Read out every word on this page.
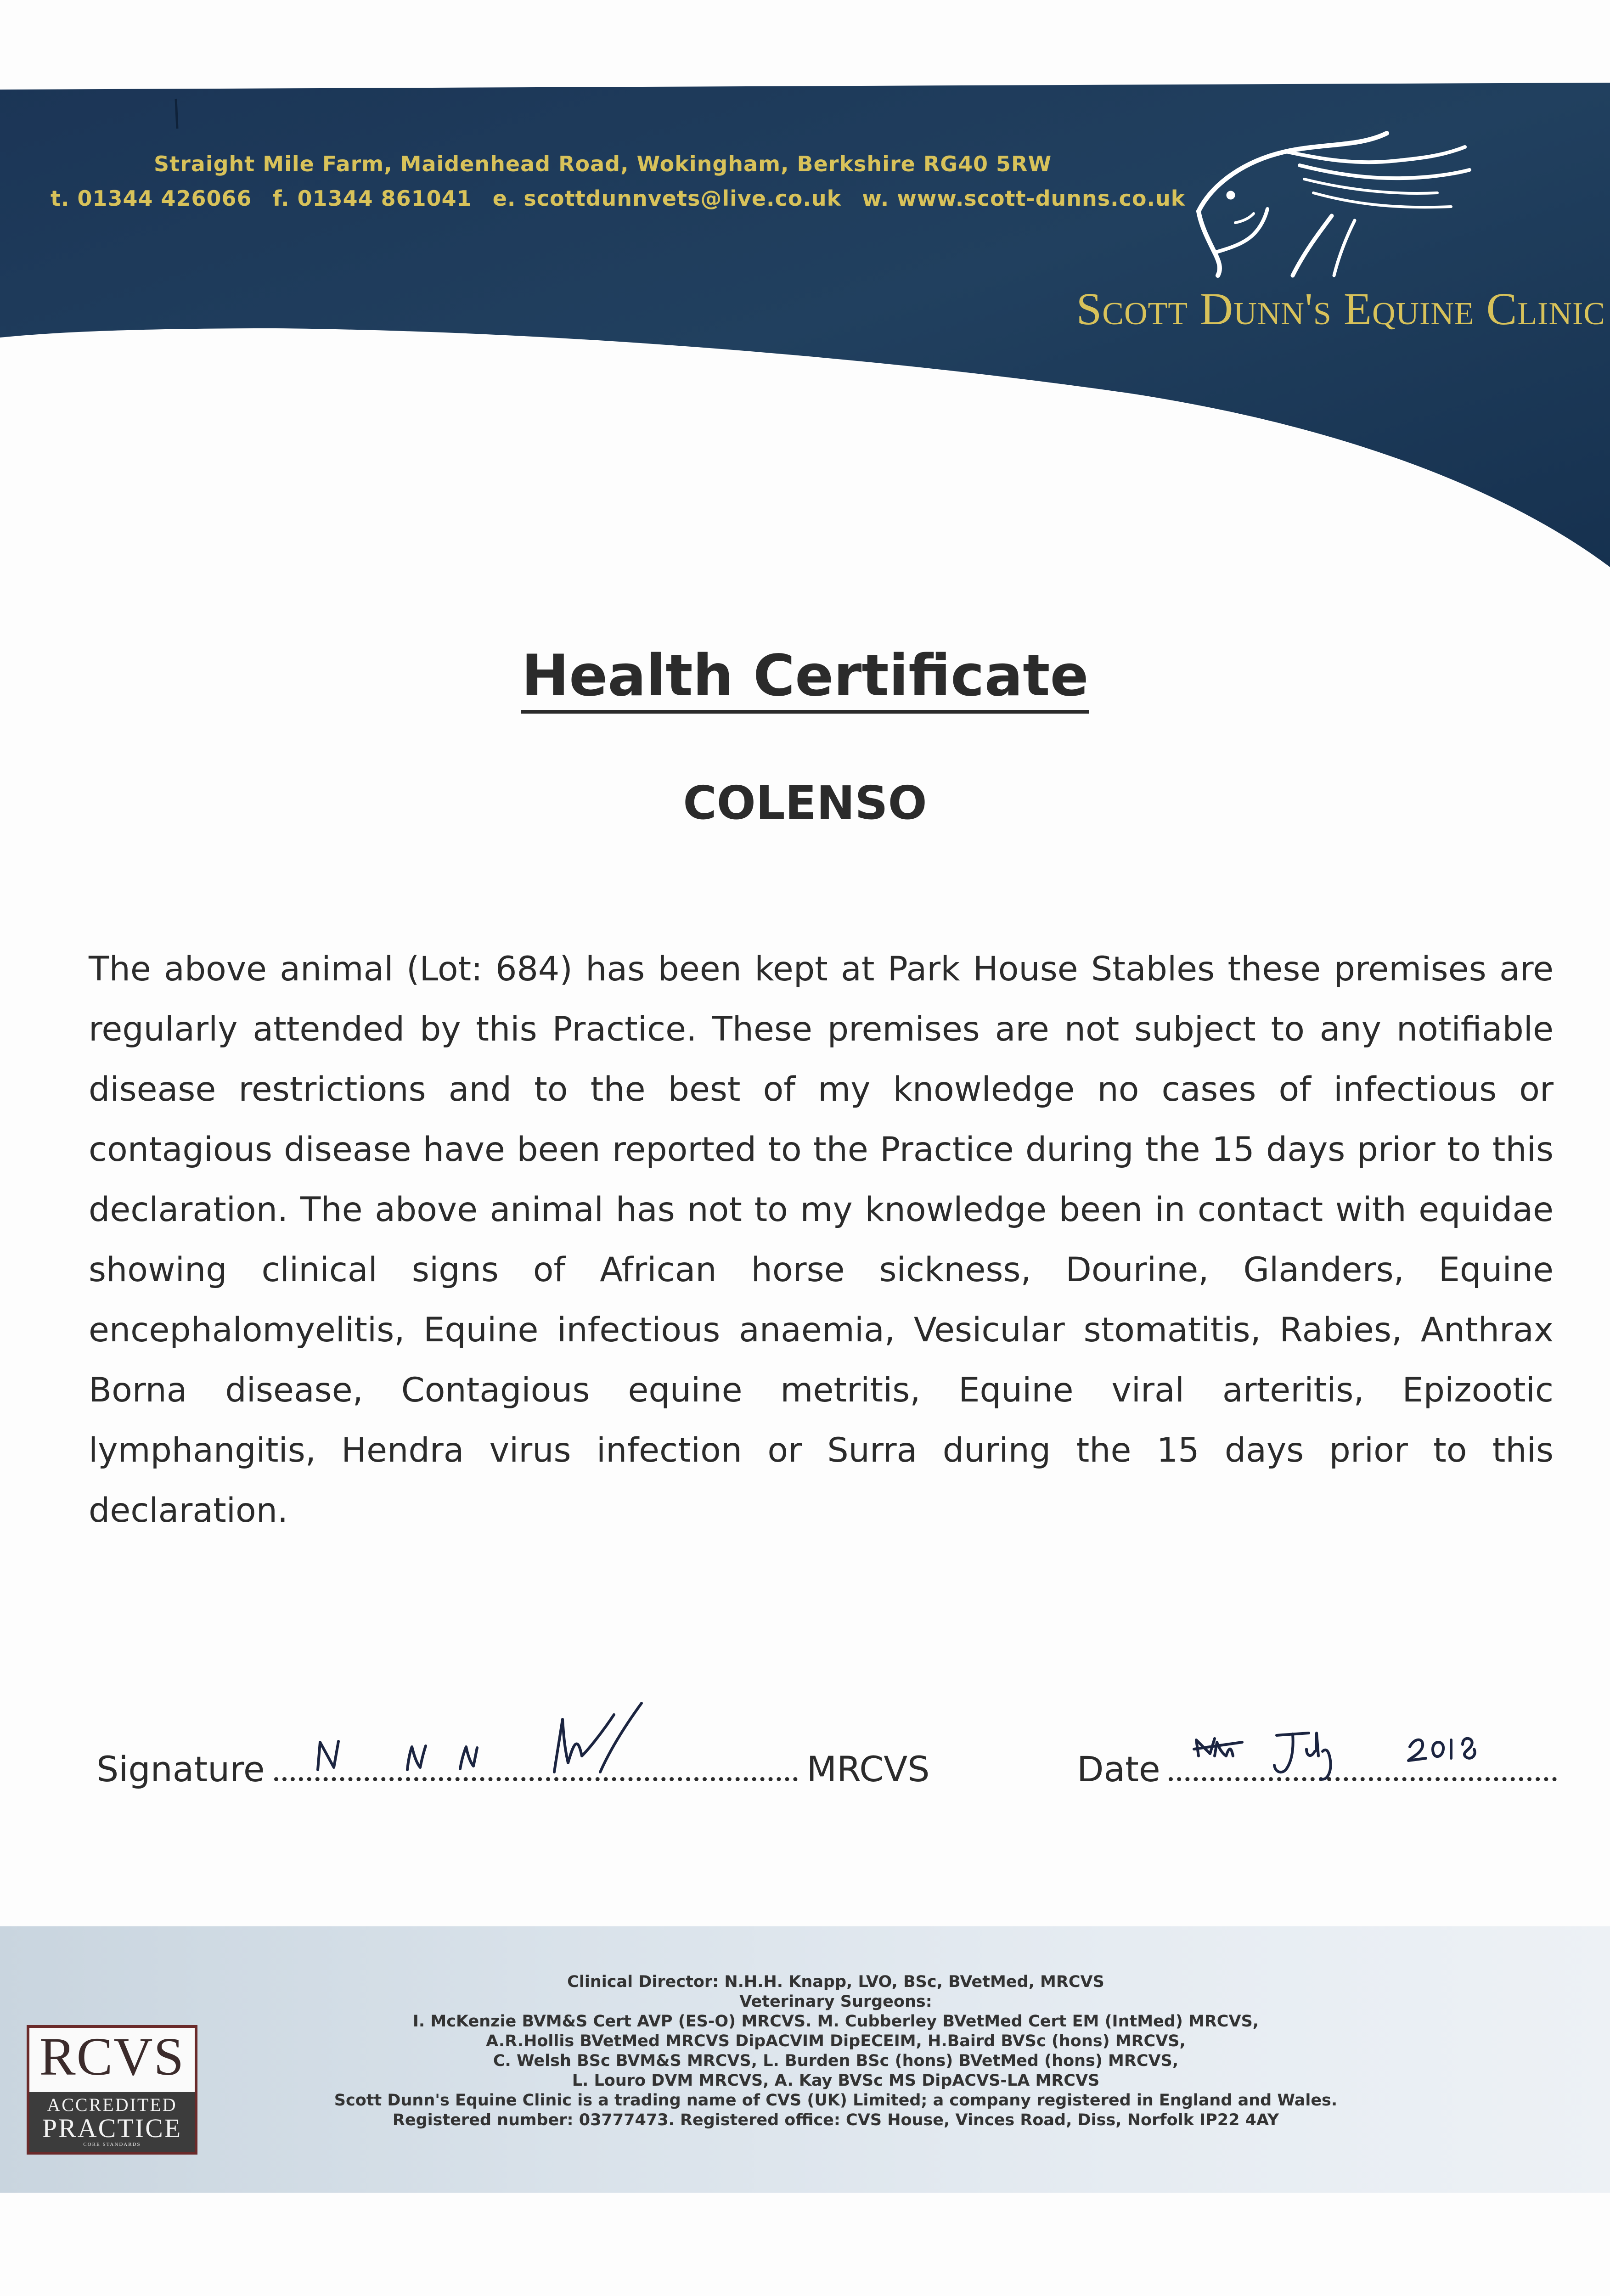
Straight Mile Farm, Maidenhead Road, Wokingham, Berkshire RG40 5RW
t. 01344 426066 f. 01344 861041 e. scottdunnvets@live.co.uk w. www.scott-dunns.co.uk
Scott Dunn's Equine Clinic
Health Certificate
COLENSO
The above animal (Lot: 684) has been kept at Park House Stables these premises are regularly attended by this Practice. These premises are not subject to any notifiable disease restrictions and to the best of my knowledge no cases of infectious or contagious disease have been reported to the Practice during the 15 days prior to this declaration. The above animal has not to my knowledge been in contact with equidae showing clinical signs of African horse sickness, Dourine, Glanders, Equine encephalomyelitis, Equine infectious anaemia, Vesicular stomatitis, Rabies, Anthrax Borna disease, Contagious equine metritis, Equine viral arteritis, Epizootic lymphangitis, Hendra virus infection or Surra during the 15 days prior to this declaration.
Signature	MRCVS	Date
RCVS
ACCREDITED
PRACTICE
CORE STANDARDS
Clinical Director: N.H.H. Knapp, LVO, BSc, BVetMed, MRCVS
Veterinary Surgeons:
I. McKenzie BVM&S Cert AVP (ES-O) MRCVS. M. Cubberley BVetMed Cert EM (IntMed) MRCVS,
A.R.Hollis BVetMed MRCVS DipACVIM DipECEIM, H.Baird BVSc (hons) MRCVS,
C. Welsh BSc BVM&S MRCVS, L. Burden BSc (hons) BVetMed (hons) MRCVS,
L. Louro DVM MRCVS, A. Kay BVSc MS DipACVS-LA MRCVS
Scott Dunn's Equine Clinic is a trading name of CVS (UK) Limited; a company registered in England and Wales.
Registered number: 03777473. Registered office: CVS House, Vinces Road, Diss, Norfolk IP22 4AY
